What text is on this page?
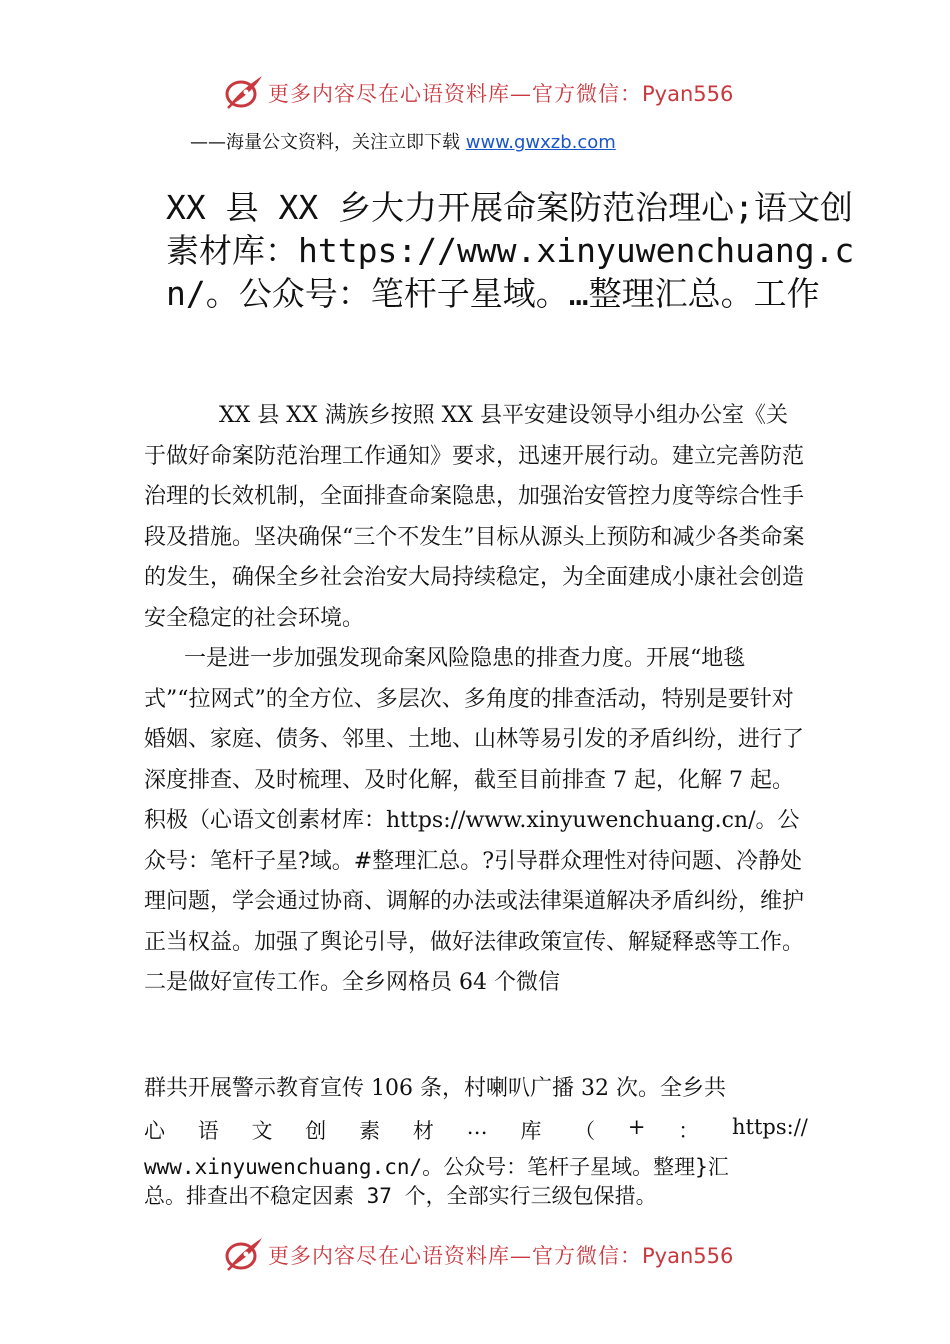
更多内容尽在心语资料库—官方微信：Pyan556
——海量公文资料，关注立即下载 www.gwxzb.com
XX 县 XX 乡大力开展命案防范治理心;语文创素材库：https://www.xinyuwenchuang.cn/。公众号：笔杆子星域。…整理汇总。工作
XX 县 XX 满族乡按照 XX 县平安建设领导小组办公室《关于做好命案防范治理工作通知》要求，迅速开展行动。建立完善防范治理的长效机制，全面排查命案隐患，加强治安管控力度等综合性手段及措施。坚决确保“三个不发生”目标从源头上预防和减少各类命案的发生，确保全乡社会治安大局持续稳定，为全面建成小康社会创造安全稳定的社会环境。
一是进一步加强发现命案风险隐患的排查力度。开展“地毯式”“拉网式”的全方位、多层次、多角度的排查活动，特别是要针对婚姻、家庭、债务、邻里、土地、山林等易引发的矛盾纠纷，进行了深度排查、及时梳理、及时化解，截至目前排查 7 起，化解 7 起。积极（心语文创素材库：https://www.xinyuwenchuang.cn/。公众号：笔杆子星?域。#整理汇总。?引导群众理性对待问题、冷静处理问题，学会通过协商、调解的办法或法律渠道解决矛盾纠纷，维护正当权益。加强了舆论引导，做好法律政策宣传、解疑释惑等工作。二是做好宣传工作。全乡网格员 64 个微信
群共开展警示教育宣传 106 条，村喇叭广播 32 次。全乡共
心 语 文 创 素 材 … 库 （ + ： https://
www.xinyuwenchuang.cn/。公众号：笔杆子星域。整理}汇
总。排查出不稳定因素 37 个，全部实行三级包保措。
更多内容尽在心语资料库—官方微信：Pyan556
